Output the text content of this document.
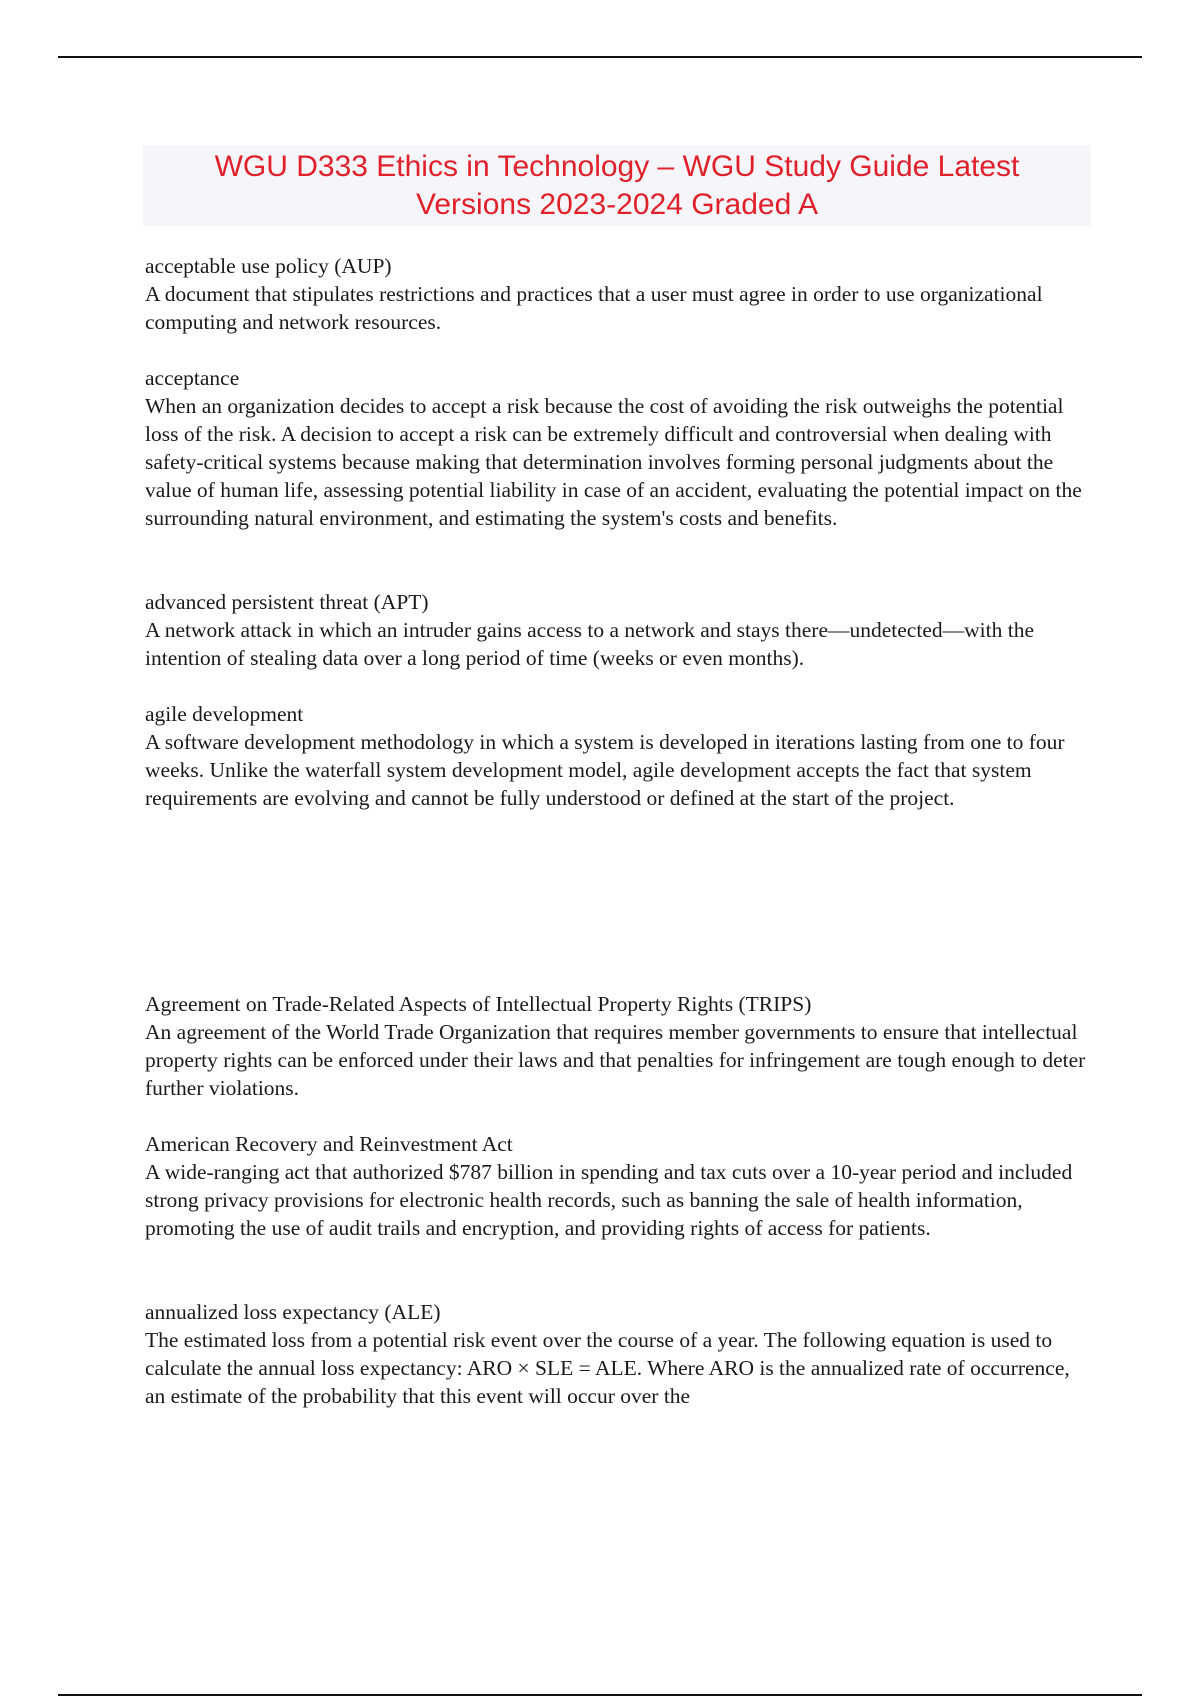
WGU D333 Ethics in Technology – WGU Study Guide Latest
Versions 2023-2024 Graded A

acceptable use policy (AUP)

A document that stipulates restrictions and practices that a user must agree in order to use organizational computing and network resources.

acceptance

When an organization decides to accept a risk because the cost of avoiding the risk outweighs the potential loss of the risk. A decision to accept a risk can be extremely difficult and controversial when dealing with safety-critical systems because making that determination involves forming personal judgments about the value of human life, assessing potential liability in case of an accident, evaluating the potential impact on the surrounding natural environment, and estimating the system's costs and benefits.

advanced persistent threat (APT)

A network attack in which an intruder gains access to a network and stays there—undetected—with the intention of stealing data over a long period of time (weeks or even months).

agile development

A software development methodology in which a system is developed in iterations lasting from one to four weeks. Unlike the waterfall system development model, agile development accepts the fact that system requirements are evolving and cannot be fully understood or defined at the start of the project.

Agreement on Trade-Related Aspects of Intellectual Property Rights (TRIPS)

An agreement of the World Trade Organization that requires member governments to ensure that intellectual property rights can be enforced under their laws and that penalties for infringement are tough enough to deter further violations.

American Recovery and Reinvestment Act

A wide-ranging act that authorized $787 billion in spending and tax cuts over a 10-year period and included strong privacy provisions for electronic health records, such as banning the sale of health information, promoting the use of audit trails and encryption, and providing rights of access for patients.

annualized loss expectancy (ALE)

The estimated loss from a potential risk event over the course of a year. The following equation is used to calculate the annual loss expectancy: ARO × SLE = ALE. Where ARO is the annualized rate of occurrence, an estimate of the probability that this event will occur over the
